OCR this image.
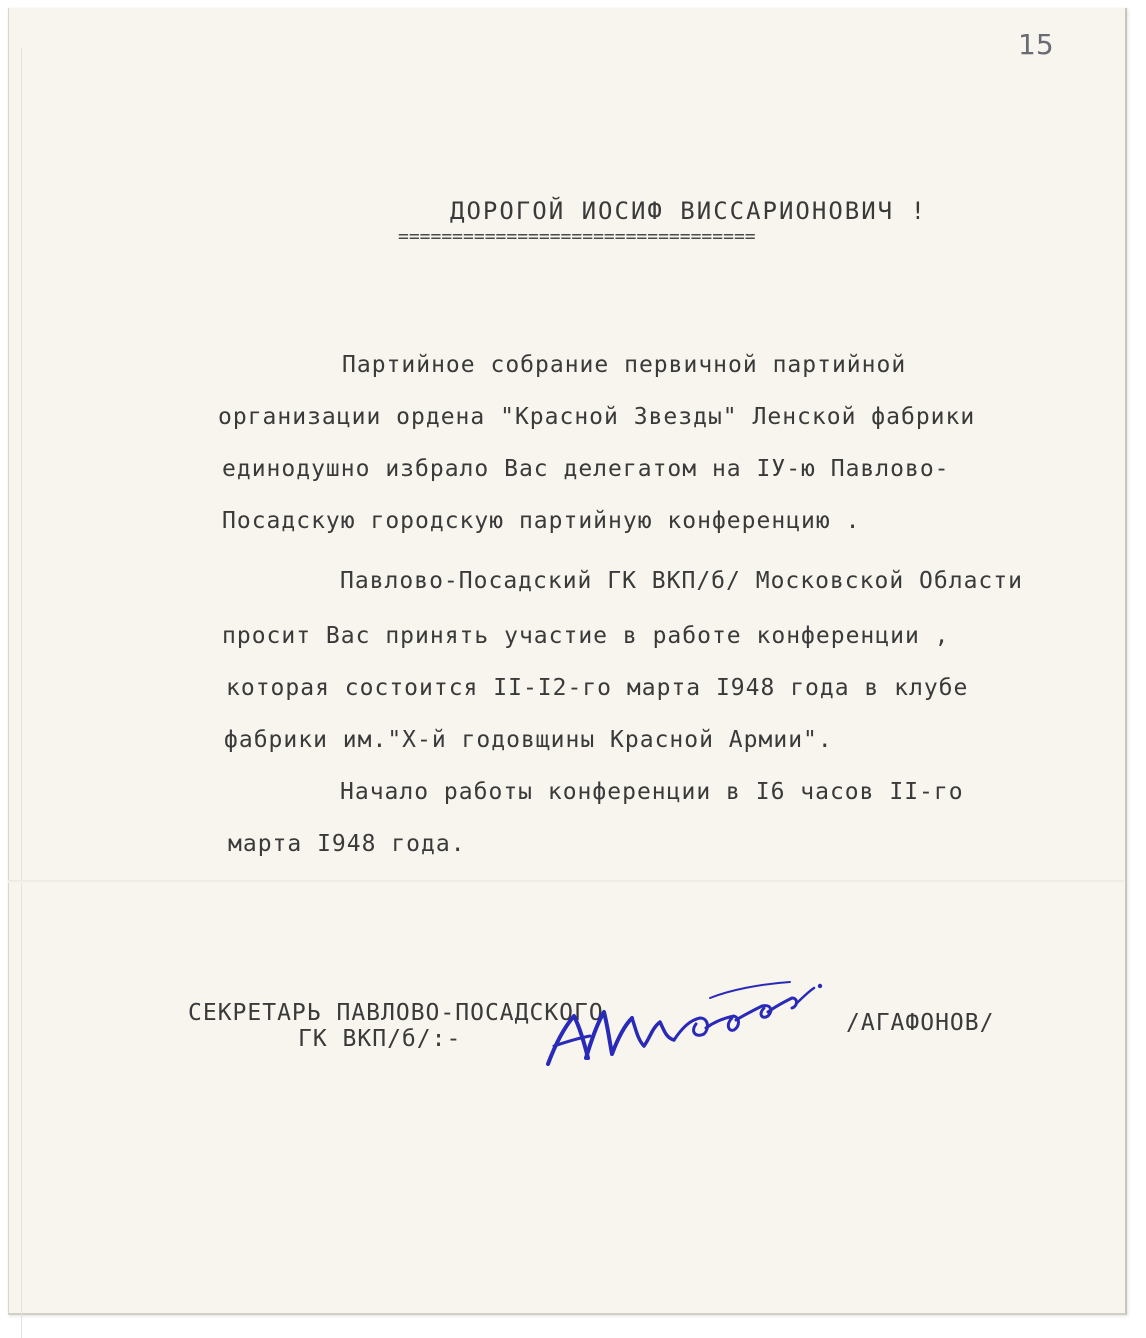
15

ДОРОГОЙ ИОСИФ ВИССАРИОНОВИЧ !

=================================

Партийное собрание первичной партийной

организации ордена "Красной Звезды" Ленской фабрики

единодушно избрало Вас делегатом на IУ-ю Павлово-

Посадскую городскую партийную конференцию .

Павлово-Посадский ГК ВКП/б/ Московской Области

просит Вас принять участие в работе конференции ,

которая состоится II-I2-го марта I948 года в клубе

фабрики им."Х-й годовщины Красной Армии".

Начало работы конференции в I6 часов II-го

марта I948 года.

СЕКРЕТАРЬ ПАВЛОВО-ПОСАДСКОГО

ГК ВКП/б/:-

/АГАФОНОВ/
